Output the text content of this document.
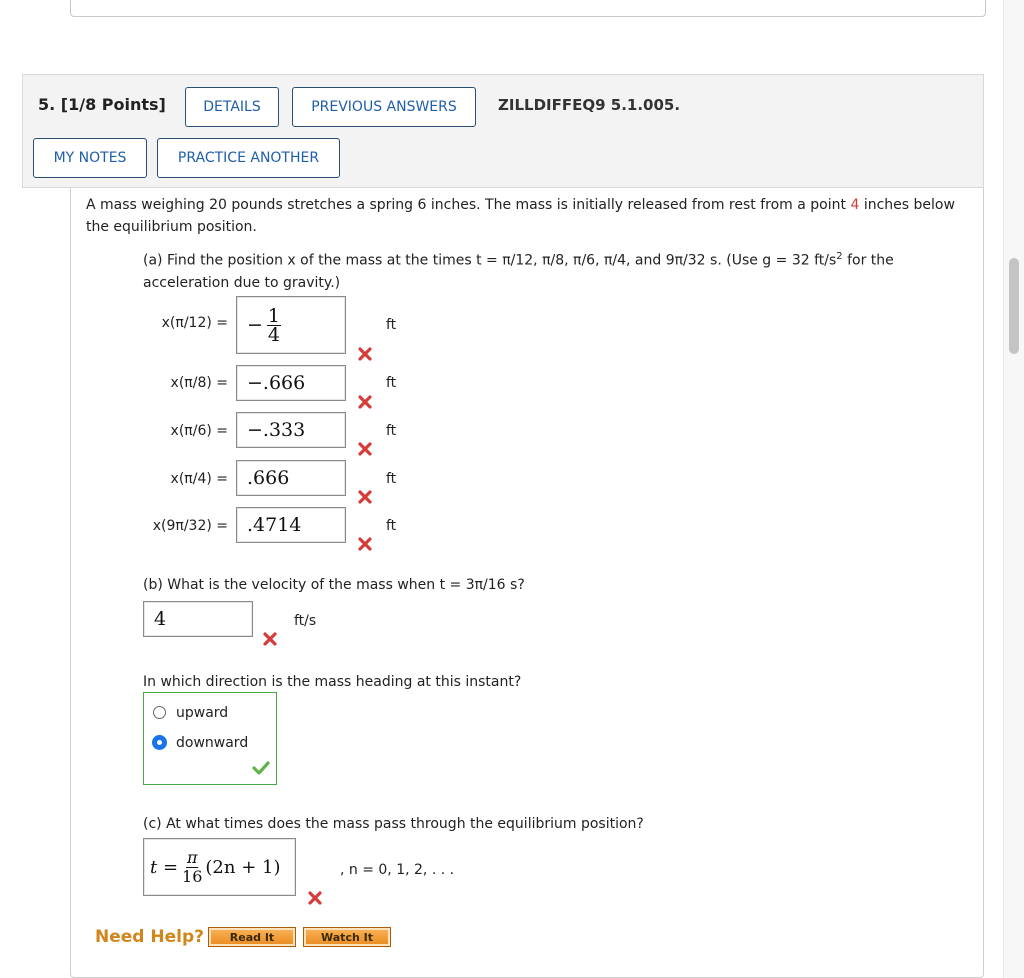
5. [1/8 Points]	DETAILS	PREVIOUS ANSWERS	ZILLDIFFEQ9 5.1.005.
MY NOTES	PRACTICE ANOTHER
A mass weighing 20 pounds stretches a spring 6 inches. The mass is initially released from rest from a point 4 inches below the equilibrium position.
(a) Find the position x of the mass at the times t = π/12, π/8, π/6, π/4, and 9π/32 s. (Use g = 32 $ft/s^2$ for the
acceleration due to gravity.)
x(π/12) = − $\frac{1}{4}$	ft
x(π/8) =	−.666	ft
x(π/6) =	−.333	ft
x(π/4) =	.666	ft
x(9π/32) =	.4714	ft
(b) What is the velocity of the mass when t = 3π/16 s?
4	ft/s
In which direction is the mass heading at this instant?
upward
downward
(c) At what times does the mass pass through the equilibrium position?
$t = \frac{\pi}{16} (2n + 1)$	, n = 0, 1, 2, . . .
Need Help?	Read It	Watch It
